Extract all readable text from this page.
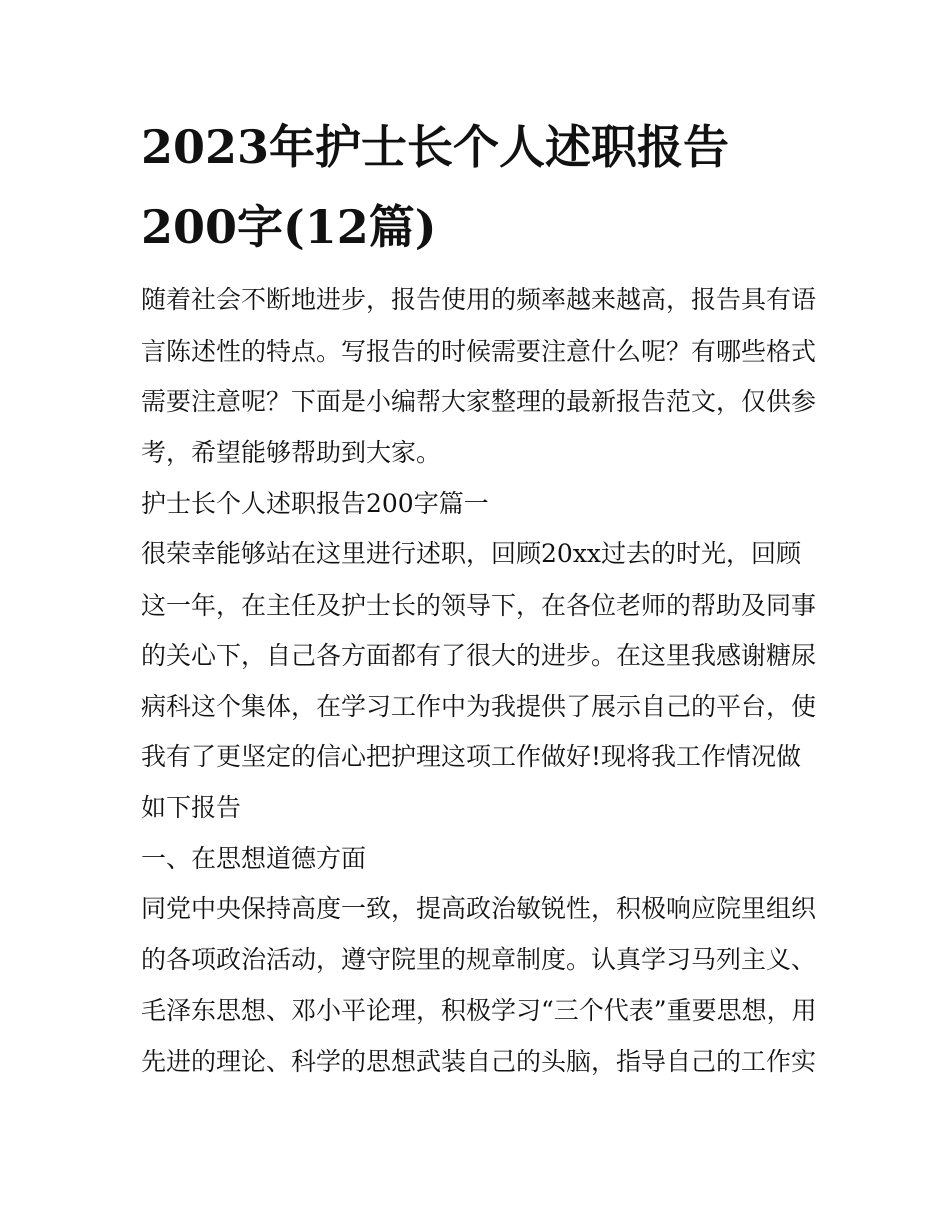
2023年护士长个人述职报告
200字(12篇)
随着社会不断地进步，报告使用的频率越来越高，报告具有语
言陈述性的特点。写报告的时候需要注意什么呢？有哪些格式
需要注意呢？下面是小编帮大家整理的最新报告范文，仅供参
考，希望能够帮助到大家。
护士长个人述职报告200字篇一
很荣幸能够站在这里进行述职，回顾20xx过去的时光，回顾
这一年，在主任及护士长的领导下，在各位老师的帮助及同事
的关心下，自己各方面都有了很大的进步。在这里我感谢糖尿
病科这个集体，在学习工作中为我提供了展示自己的平台，使
我有了更坚定的信心把护理这项工作做好!现将我工作情况做
如下报告
一、在思想道德方面
同党中央保持高度一致，提高政治敏锐性，积极响应院里组织
的各项政治活动，遵守院里的规章制度。认真学习马列主义、
毛泽东思想、邓小平论理，积极学习“三个代表”重要思想，用
先进的理论、科学的思想武装自己的头脑，指导自己的工作实
